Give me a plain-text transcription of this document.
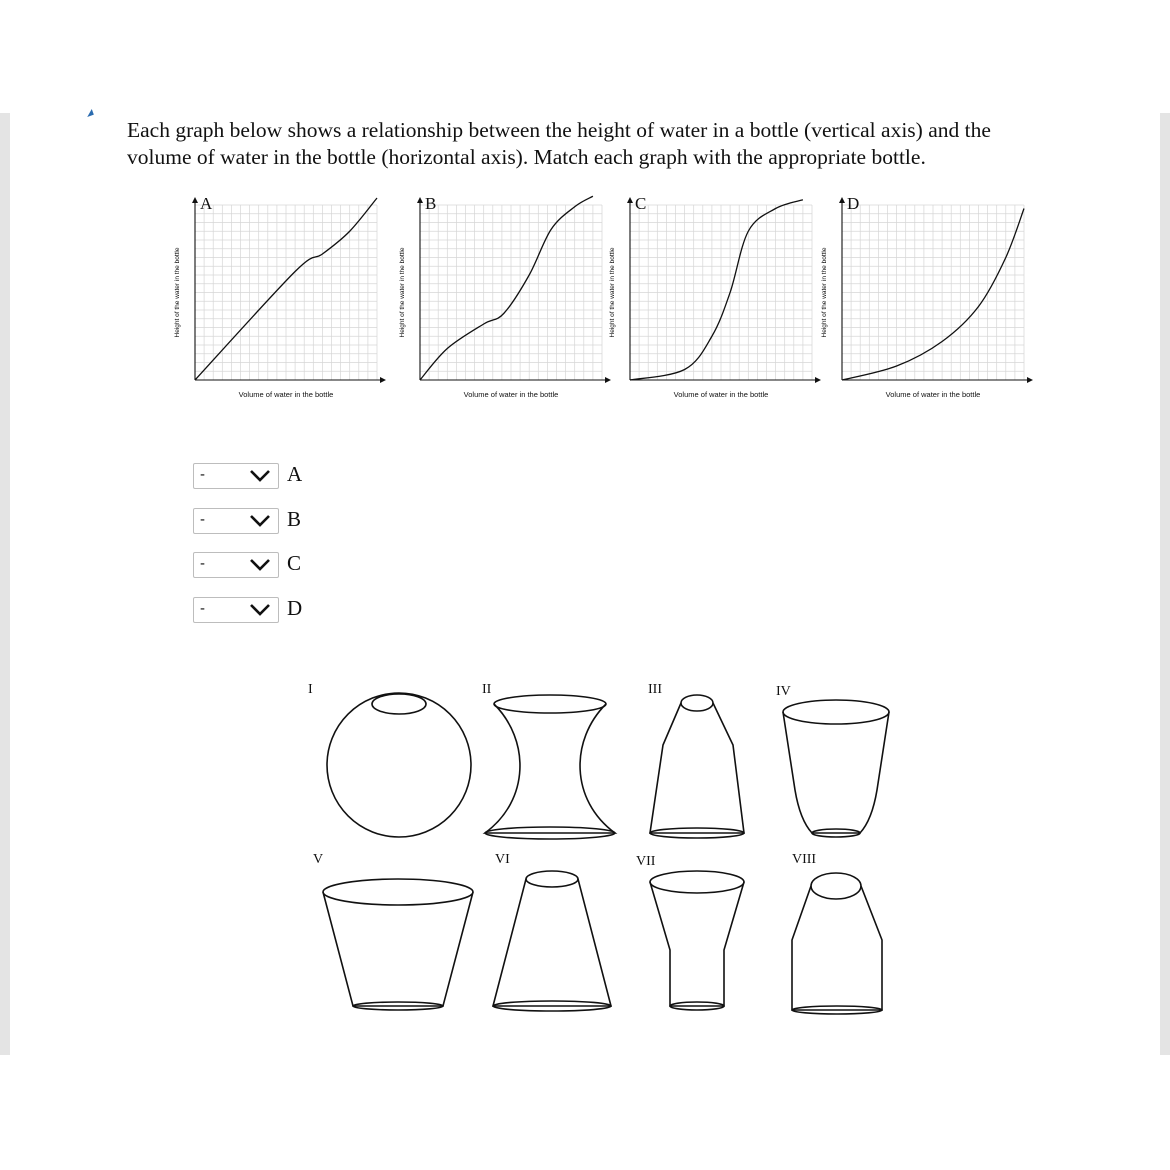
Each graph below shows a relationship between the height of water in a bottle (vertical axis) and the
volume of water in the bottle (horizontal axis). Match each graph with the appropriate bottle.
A
Volume of water in the bottle
Height of the water in the bottle
B
Volume of water in the bottle
Height of the water in the bottle
C
Volume of water in the bottle
Height of the water in the bottle
D
Volume of water in the bottle
Height of the water in the bottle
-	A
-	B
-	C
-	D
I	II	III	IV
V	VI	VII	VIII
